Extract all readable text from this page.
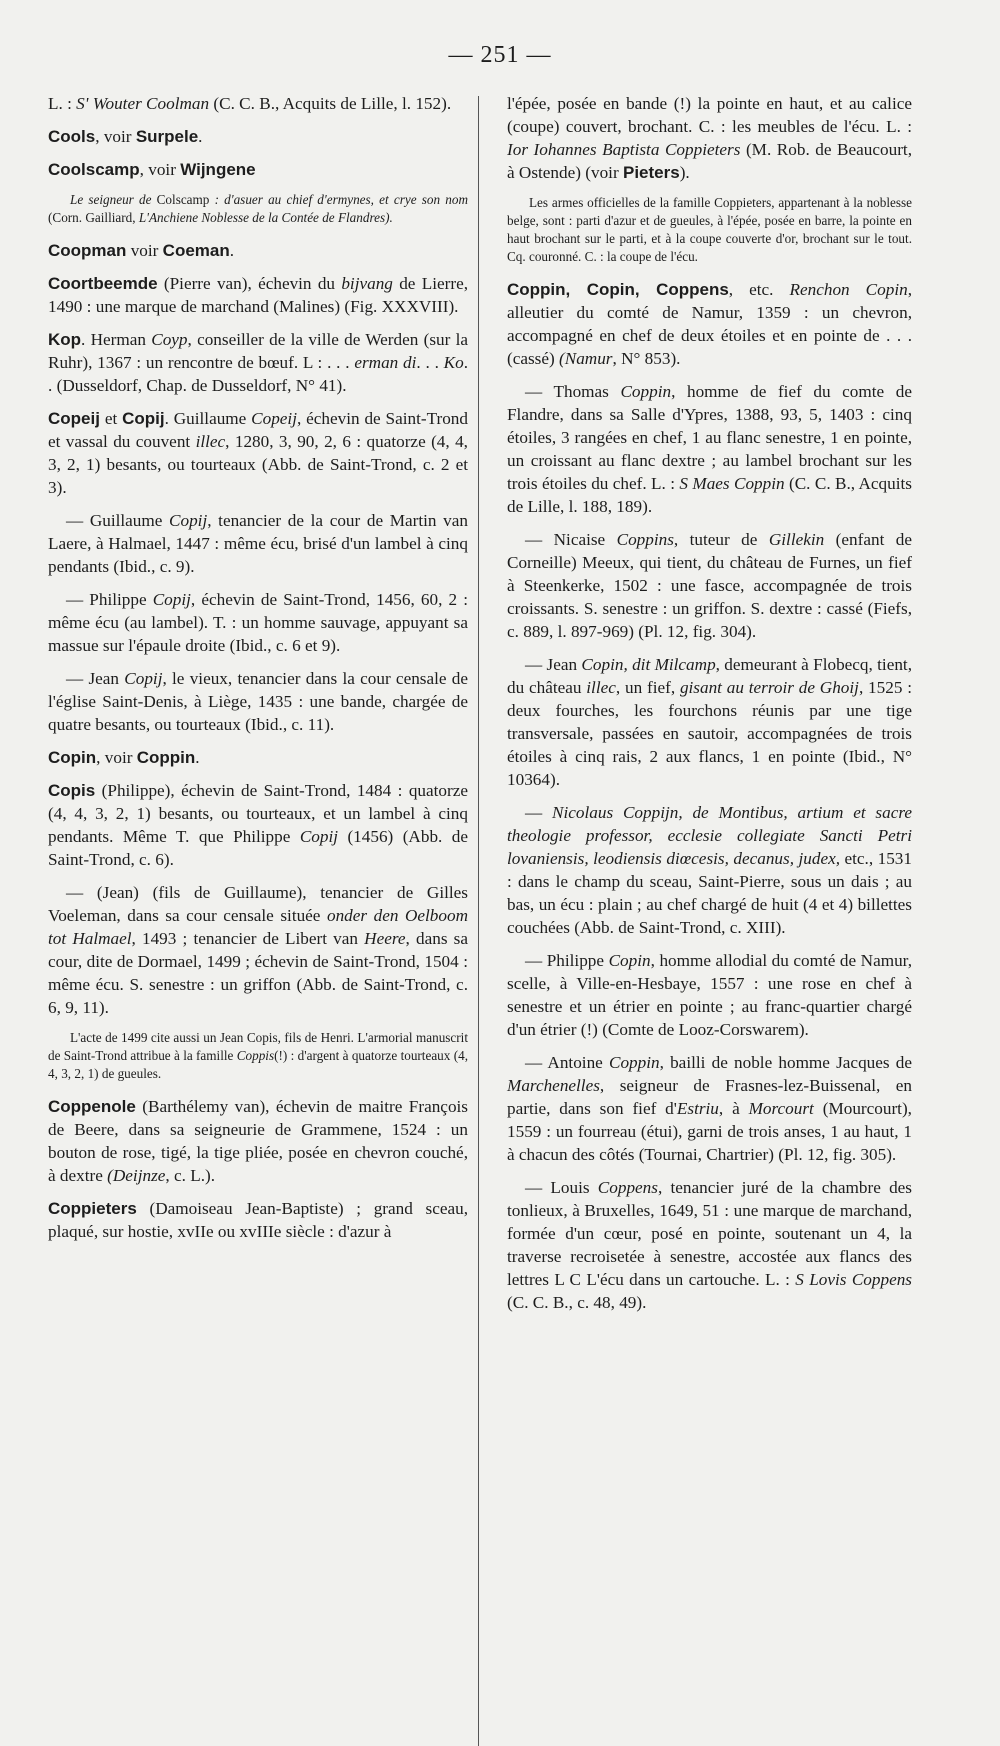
— 251 —

L. : S' Wouter Coolman (C. C. B., Acquits de Lille, l. 152).

Cools, voir Surpele.

Coolscamp, voir Wijngene

Le seigneur de Colscamp : d'asuer au chief d'ermynes, et crye son nom (Corn. Gailliard, L'Anchiene Noblesse de la Contée de Flandres).

Coopman voir Coeman.

Coortbeemde (Pierre van), échevin du bijvang de Lierre, 1490 : une marque de marchand (Malines) (Fig. XXXVIII).

Kop. Herman Coyp, conseiller de la ville de Werden (sur la Ruhr), 1367 : un rencontre de bœuf. L : . . . erman di. . . Ko. . (Dusseldorf, Chap. de Dusseldorf, N° 41).

Copeij et Copij. Guillaume Copeij, échevin de Saint-Trond et vassal du couvent illec, 1280, 3, 90, 2, 6 : quatorze (4, 4, 3, 2, 1) besants, ou tourteaux (Abb. de Saint-Trond, c. 2 et 3).

— Guillaume Copij, tenancier de la cour de Martin van Laere, à Halmael, 1447 : même écu, brisé d'un lambel à cinq pendants (Ibid., c. 9).

— Philippe Copij, échevin de Saint-Trond, 1456, 60, 2 : même écu (au lambel). T. : un homme sauvage, appuyant sa massue sur l'épaule droite (Ibid., c. 6 et 9).

— Jean Copij, le vieux, tenancier dans la cour censale de l'église Saint-Denis, à Liège, 1435 : une bande, chargée de quatre besants, ou tourteaux (Ibid., c. 11).

Copin, voir Coppin.

Copis (Philippe), échevin de Saint-Trond, 1484 : quatorze (4, 4, 3, 2, 1) besants, ou tourteaux, et un lambel à cinq pendants. Même T. que Philippe Copij (1456) (Abb. de Saint-Trond, c. 6).

— (Jean) (fils de Guillaume), tenancier de Gilles Voeleman, dans sa cour censale située onder den Oelboom tot Halmael, 1493 ; tenancier de Libert van Heere, dans sa cour, dite de Dormael, 1499 ; échevin de Saint-Trond, 1504 : même écu. S. senestre : un griffon (Abb. de Saint-Trond, c. 6, 9, 11).

L'acte de 1499 cite aussi un Jean Copis, fils de Henri. L'armorial manuscrit de Saint-Trond attribue à la famille Coppis(!) : d'argent à quatorze tourteaux (4, 4, 3, 2, 1) de gueules.

Coppenole (Barthélemy van), échevin de maitre François de Beere, dans sa seigneurie de Grammene, 1524 : un bouton de rose, tigé, la tige pliée, posée en chevron couché, à dextre (Deijnze, c. L.).

Coppieters (Damoiseau Jean-Baptiste) ; grand sceau, plaqué, sur hostie, xvIIe ou xvIIIe siècle : d'azur à

l'épée, posée en bande (!) la pointe en haut, et au calice (coupe) couvert, brochant. C. : les meubles de l'écu. L. : Ior Iohannes Baptista Coppieters (M. Rob. de Beaucourt, à Ostende) (voir Pieters).

Les armes officielles de la famille Coppieters, appartenant à la noblesse belge, sont : parti d'azur et de gueules, à l'épée, posée en barre, la pointe en haut brochant sur le parti, et à la coupe couverte d'or, brochant sur le tout. Cq. couronné. C. : la coupe de l'écu.

Coppin, Copin, Coppens, etc. Renchon Copin, alleutier du comté de Namur, 1359 : un chevron, accompagné en chef de deux étoiles et en pointe de . . . (cassé) (Namur, N° 853).

— Thomas Coppin, homme de fief du comte de Flandre, dans sa Salle d'Ypres, 1388, 93, 5, 1403 : cinq étoiles, 3 rangées en chef, 1 au flanc senestre, 1 en pointe, un croissant au flanc dextre ; au lambel brochant sur les trois étoiles du chef. L. : S Maes Coppin (C. C. B., Acquits de Lille, l. 188, 189).

— Nicaise Coppins, tuteur de Gillekin (enfant de Corneille) Meeux, qui tient, du château de Furnes, un fief à Steenkerke, 1502 : une fasce, accompagnée de trois croissants. S. senestre : un griffon. S. dextre : cassé (Fiefs, c. 889, l. 897-969) (Pl. 12, fig. 304).

— Jean Copin, dit Milcamp, demeurant à Flobecq, tient, du château illec, un fief, gisant au terroir de Ghoij, 1525 : deux fourches, les fourchons réunis par une tige transversale, passées en sautoir, accompagnées de trois étoiles à cinq rais, 2 aux flancs, 1 en pointe (Ibid., N° 10364).

— Nicolaus Coppijn, de Montibus, artium et sacre theologie professor, ecclesie collegiate Sancti Petri lovaniensis, leodiensis diœcesis, decanus, judex, etc., 1531 : dans le champ du sceau, Saint-Pierre, sous un dais ; au bas, un écu : plain ; au chef chargé de huit (4 et 4) billettes couchées (Abb. de Saint-Trond, c. XIII).

— Philippe Copin, homme allodial du comté de Namur, scelle, à Ville-en-Hesbaye, 1557 : une rose en chef à senestre et un étrier en pointe ; au franc-quartier chargé d'un étrier (!) (Comte de Looz-Corswarem).

— Antoine Coppin, bailli de noble homme Jacques de Marchenelles, seigneur de Frasnes-lez-Buissenal, en partie, dans son fief d'Estriu, à Morcourt (Mourcourt), 1559 : un fourreau (étui), garni de trois anses, 1 au haut, 1 à chacun des côtés (Tournai, Chartrier) (Pl. 12, fig. 305).

— Louis Coppens, tenancier juré de la chambre des tonlieux, à Bruxelles, 1649, 51 : une marque de marchand, formée d'un cœur, posé en pointe, soutenant un 4, la traverse recroisetée à senestre, accostée aux flancs des lettres L C L'écu dans un cartouche. L. : S Lovis Coppens (C. C. B., c. 48, 49).
